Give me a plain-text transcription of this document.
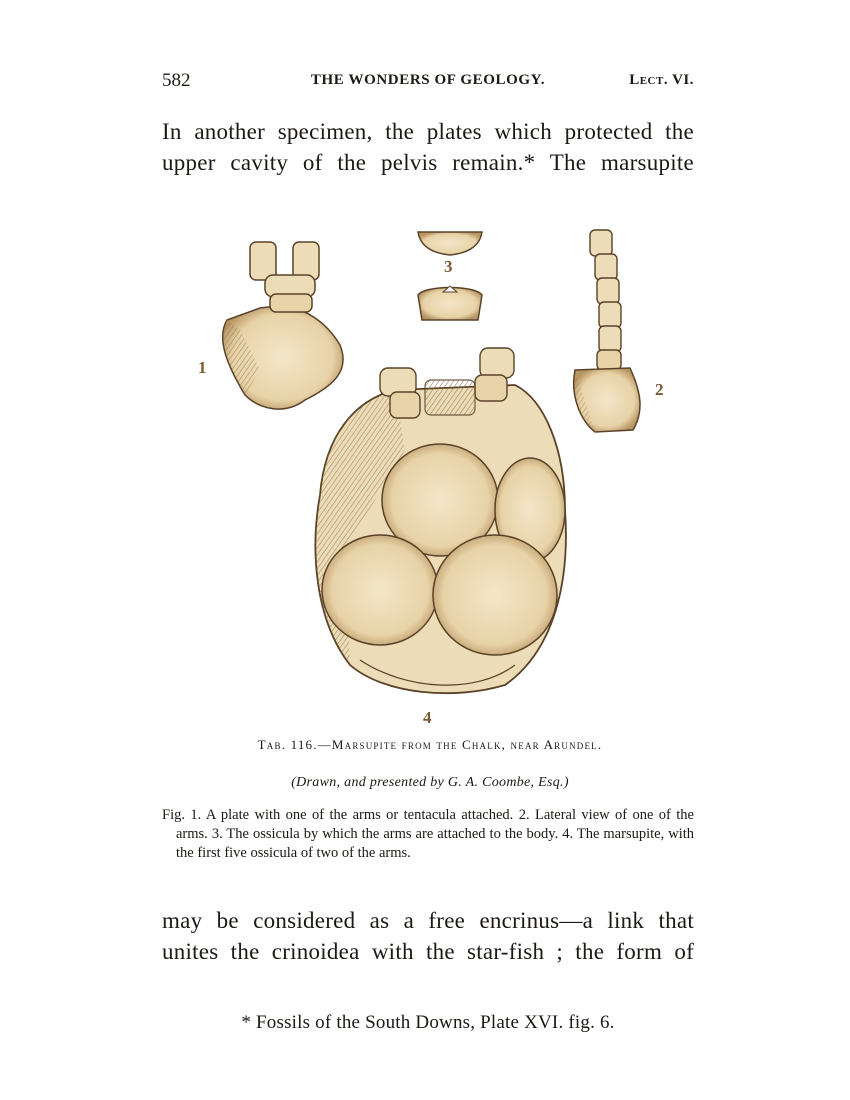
582	THE WONDERS OF GEOLOGY.	Lect. VI.
In another specimen, the plates which protected the
upper cavity of the pelvis remain.* The marsupite
1
2
3
4
Tab. 116.—Marsupite from the Chalk, near Arundel.
(Drawn, and presented by G. A. Coombe, Esq.)
Fig. 1. A plate with one of the arms or tentacula attached. 2. Lateral view of one of the arms. 3. The ossicula by which the arms are attached to the body. 4. The marsupite, with the first five ossicula of two of the arms.
may be considered as a free encrinus—a link that
unites the crinoidea with the star-fish ; the form of
* Fossils of the South Downs, Plate XVI. fig. 6.
